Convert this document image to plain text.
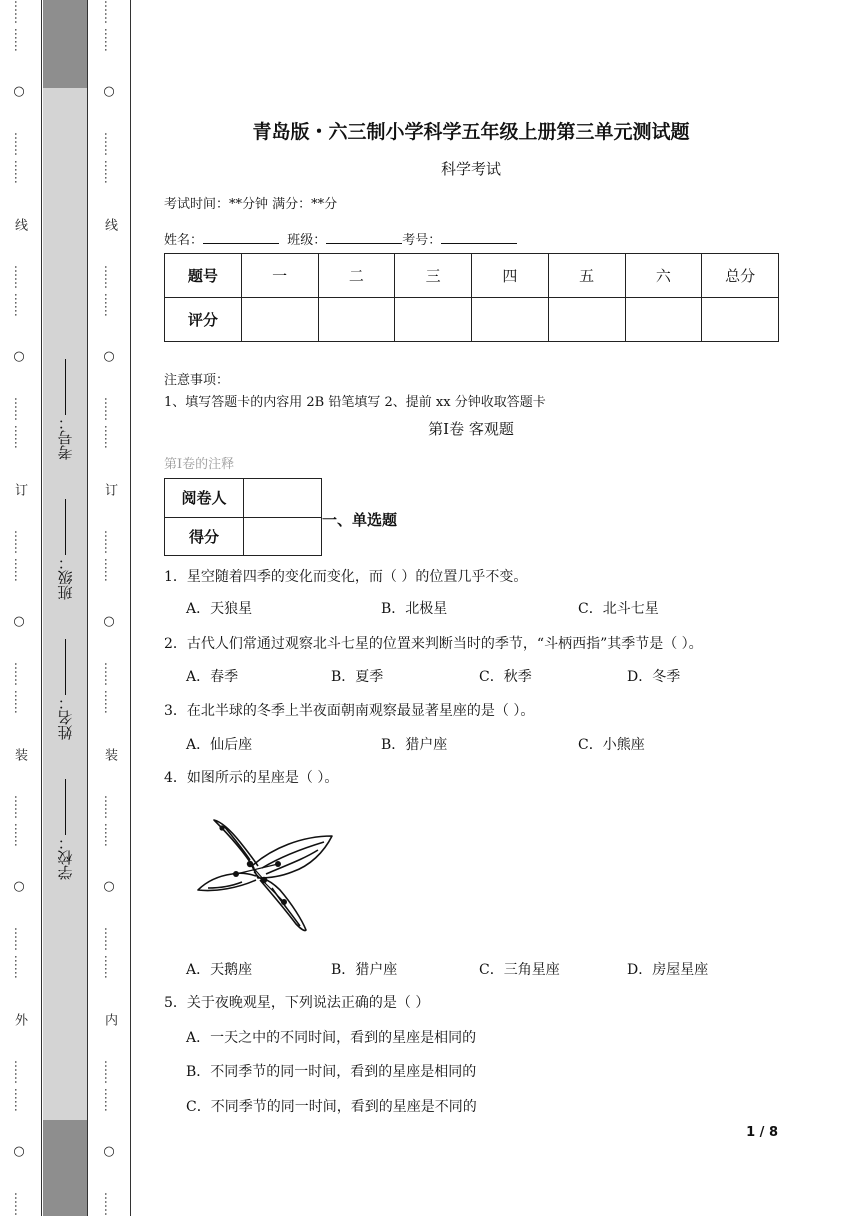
…… ……
○
…… ……
线
…… ……
○
…… ……
订
…… ……
○
…… ……
装
…… ……
○
…… ……
外
…… ……
○
……
学校：
姓名：
班级：
考号：
…… ……
○
…… ……
线
…… ……
○
…… ……
订
…… ……
○
…… ……
装
…… ……
○
…… ……
内
…… ……
○
……
青岛版・六三制小学科学五年级上册第三单元测试题
科学考试
考试时间：**分钟 满分：**分
姓名：	班级：	考号：
题号	一	二	三	四	五	六	总分
评分							
注意事项：
1、填写答题卡的内容用 2B 铅笔填写 2、提前 xx 分钟收取答题卡
第Ⅰ卷 客观题
第Ⅰ卷的注释
阅卷人	
得分	
一、单选题
1．星空随着四季的变化而变化，而（ ）的位置几乎不变。
A．天狼星	B．北极星	C．北斗七星
2．古代人们常通过观察北斗七星的位置来判断当时的季节，“斗柄西指”其季节是（ ）。
A．春季	B．夏季	C．秋季	D．冬季
3．在北半球的冬季上半夜面朝南观察最显著星座的是（ ）。
A．仙后座	B．猎户座	C．小熊座
4．如图所示的星座是（ ）。
A．天鹅座	B．猎户座	C．三角星座	D．房屋星座
5．关于夜晚观星，下列说法正确的是（ ）
A．一天之中的不同时间，看到的星座是相同的
B．不同季节的同一时间，看到的星座是相同的
C．不同季节的同一时间，看到的星座是不同的
1 / 8
